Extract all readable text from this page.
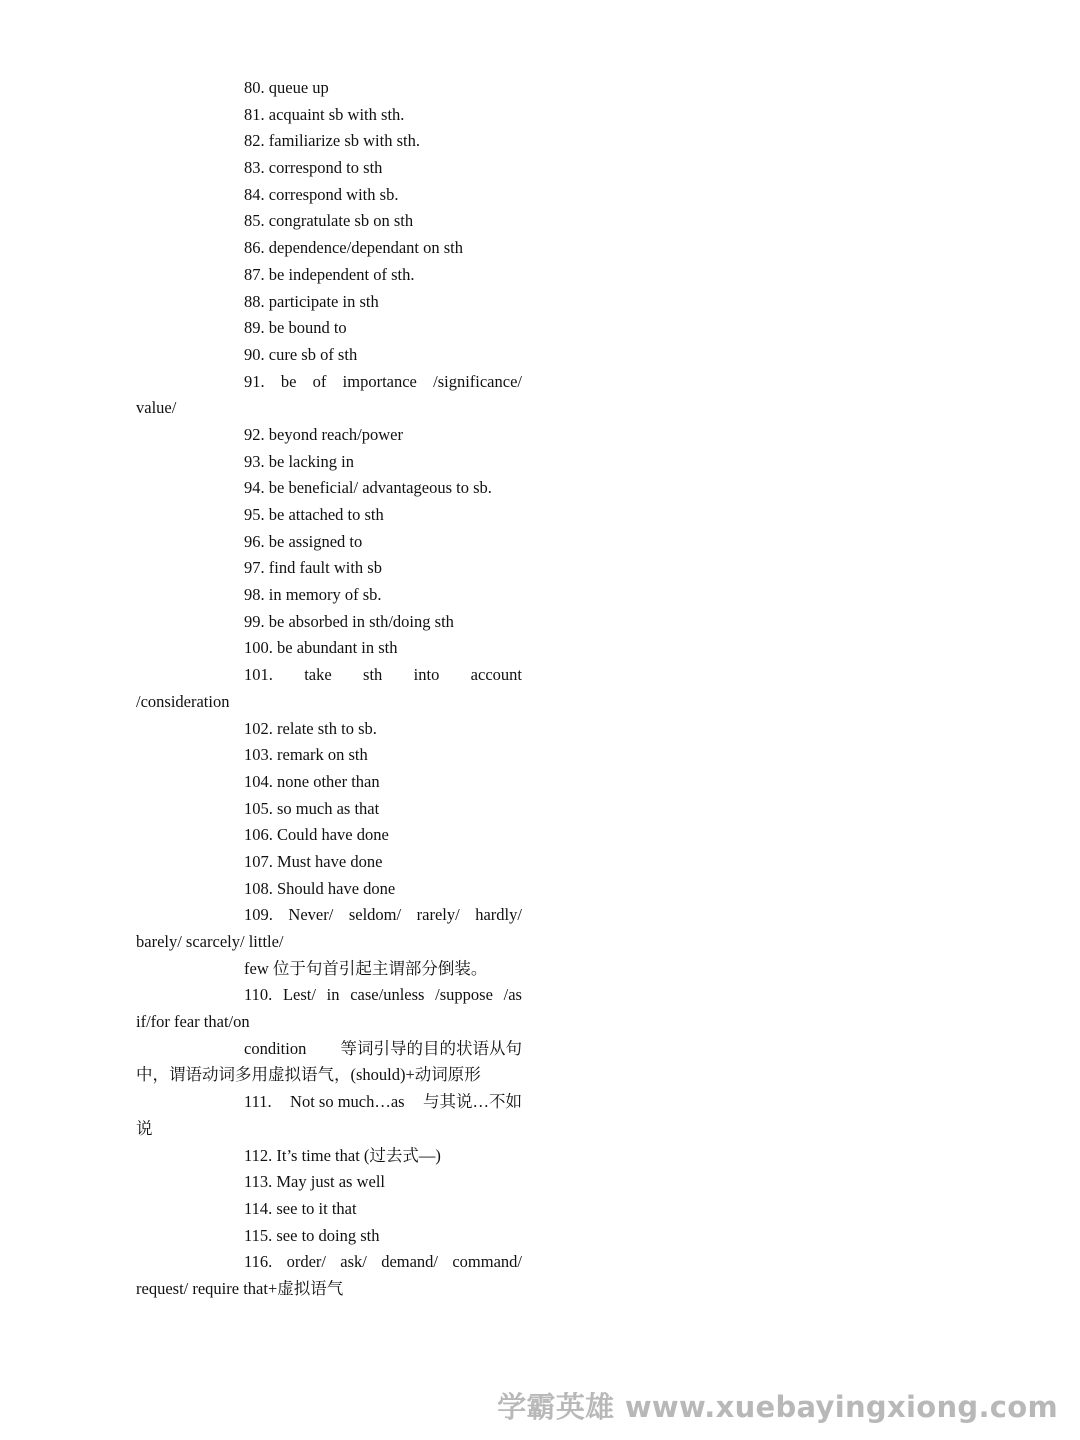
80. queue up
81. acquaint sb with sth.
82. familiarize sb with sth.
83. correspond to sth
84. correspond with sb.
85. congratulate sb on sth
86. dependence/dependant on sth
87. be independent of sth.
88. participate in sth
89. be bound to
90. cure sb of sth
91. be of importance /significance/
value/
92. beyond reach/power
93. be lacking in
94. be beneficial/ advantageous to sb.
95. be attached to sth
96. be assigned to
97. find fault with sb
98. in memory of sb.
99. be absorbed in sth/doing sth
100. be abundant in sth
101. take sth into account
/consideration
102. relate sth to sb.
103. remark on sth
104. none other than
105. so much as that
106. Could have done
107. Must have done
108. Should have done
109. Never/ seldom/ rarely/ hardly/
barely/ scarcely/ little/
few 位于句首引起主谓部分倒装。
110. Lest/ in case/unless /suppose /as
if/for fear that/on
condition 等词引导的目的状语从句
中，谓语动词多用虚拟语气，(should)+动词原形
111. Not so much…as 与其说…不如
说
112. It’s time that (过去式—)
113. May just as well
114. see to it that
115. see to doing sth
116. order/ ask/ demand/ command/
request/ require that+虚拟语气
学霸英雄 www.xuebayingxiong.com
